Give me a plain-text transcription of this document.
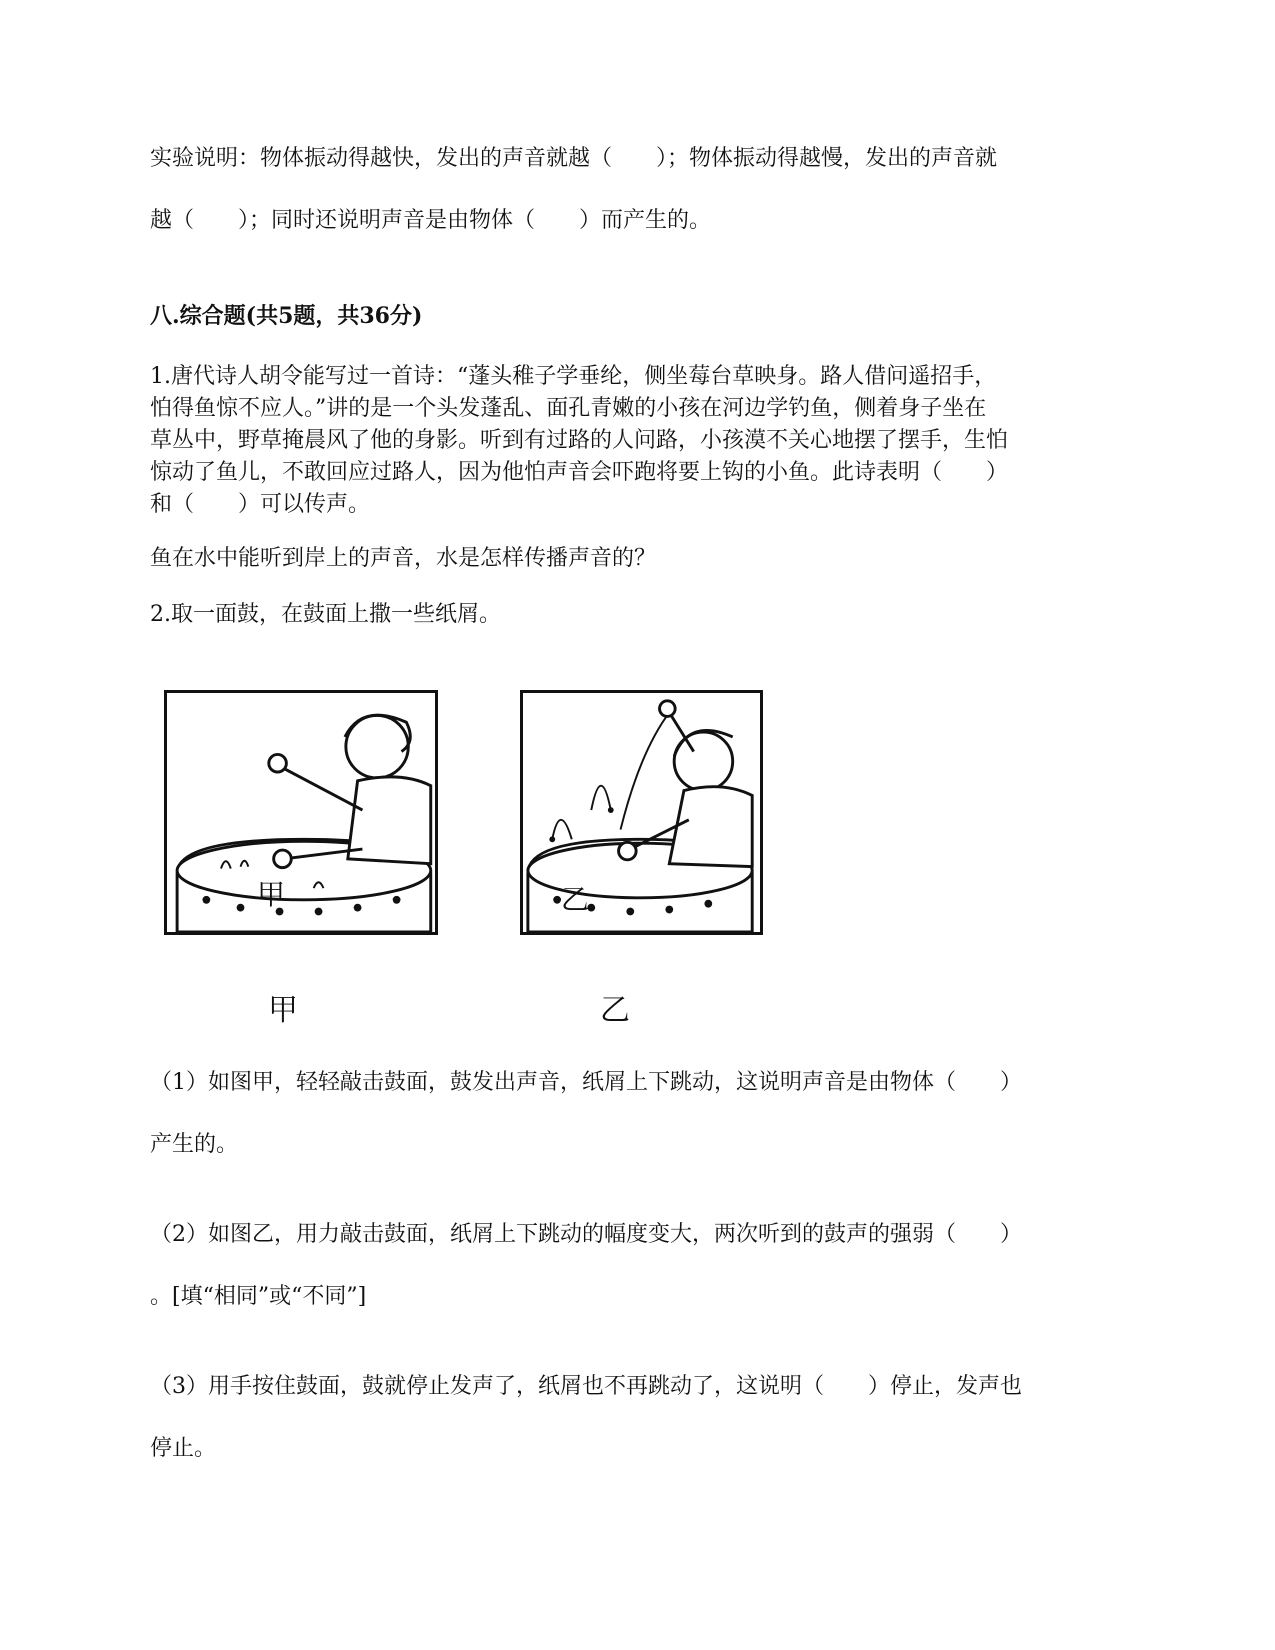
实验说明：物体振动得越快，发出的声音就越（　　）；物体振动得越慢，发出的声音就
越（　　）；同时还说明声音是由物体（　　）而产生的。
八.综合题(共5题，共36分)
1.唐代诗人胡令能写过一首诗：“蓬头稚子学垂纶，侧坐莓台草映身。路人借问遥招手，
怕得鱼惊不应人。”讲的是一个头发蓬乱、面孔青嫩的小孩在河边学钓鱼，侧着身子坐在
草丛中，野草掩晨风了他的身影。听到有过路的人问路，小孩漠不关心地摆了摆手，生怕
惊动了鱼儿，不敢回应过路人，因为他怕声音会吓跑将要上钩的小鱼。此诗表明（　　）
和（　　）可以传声。
鱼在水中能听到岸上的声音，水是怎样传播声音的？
2.取一面鼓，在鼓面上撒一些纸屑。
甲
甲
乙
乙
（1）如图甲，轻轻敲击鼓面，鼓发出声音，纸屑上下跳动，这说明声音是由物体（　　）
产生的。
（2）如图乙，用力敲击鼓面，纸屑上下跳动的幅度变大，两次听到的鼓声的强弱（　　）
。[填“相同”或“不同”]
（3）用手按住鼓面，鼓就停止发声了，纸屑也不再跳动了，这说明（　　）停止，发声也
停止。
